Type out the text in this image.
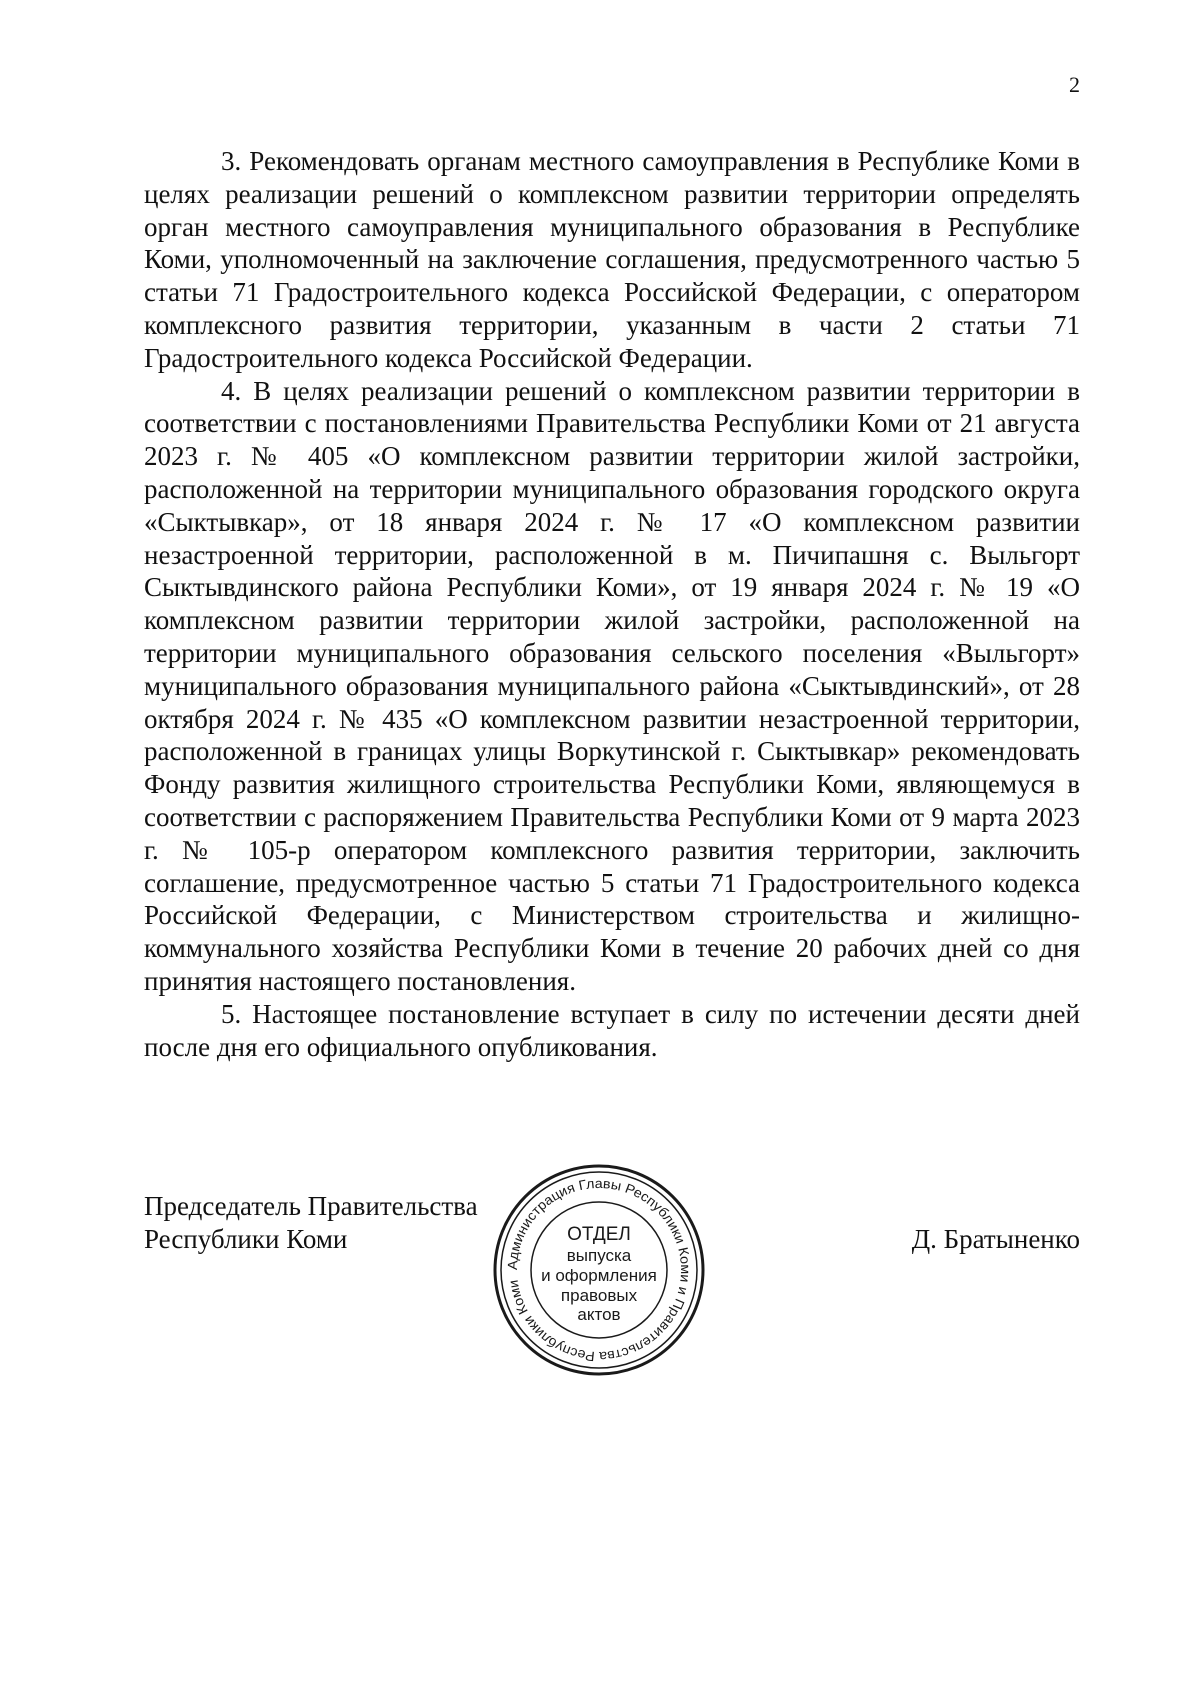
2

3. Рекомендовать органам местного самоуправления в Республике Коми в целях реализации решений о комплексном развитии территории определять орган местного самоуправления муниципального образования в Республике Коми, уполномоченный на заключение соглашения, предусмотренного частью 5 статьи 71 Градостроительного кодекса Российской Федерации, с оператором комплексного развития территории, указанным в части 2 статьи 71 Градостроительного кодекса Российской Федерации.

4. В целях реализации решений о комплексном развитии территории в соответствии с постановлениями Правительства Республики Коми от 21 августа 2023 г. № 405 «О комплексном развитии территории жилой застройки, расположенной на территории муниципального образования городского округа «Сыктывкар», от 18 января 2024 г. № 17 «О комплексном развитии незастроенной территории, расположенной в м. Пичипашня с. Выльгорт Сыктывдинского района Республики Коми», от 19 января 2024 г. № 19 «О комплексном развитии территории жилой застройки, расположенной на территории муниципального образования сельского поселения «Выльгорт» муниципального образования муниципального района «Сыктывдинский», от 28 октября 2024 г. № 435 «О комплексном развитии незастроенной территории, расположенной в границах улицы Воркутинской г. Сыктывкар» рекомендовать Фонду развития жилищного строительства Республики Коми, являющемуся в соответствии с распоряжением Правительства Республики Коми от 9 марта 2023 г. № 105-р оператором комплексного развития территории, заключить соглашение, предусмотренное частью 5 статьи 71 Градостроительного кодекса Российской Федерации, с Министерством строительства и жилищно-коммунального хозяйства Республики Коми в течение 20 рабочих дней со дня принятия настоящего постановления.

5. Настоящее постановление вступает в силу по истечении десяти дней после дня его официального опубликования.

Председатель Правительства
Республики Коми
Администрация Главы Республики Коми и Правительства Республики Коми
ОТДЕЛ
выпуска
и оформления
правовых
актов
Д. Братыненко
